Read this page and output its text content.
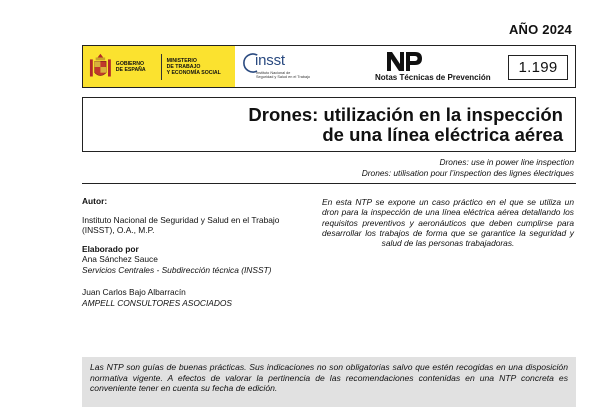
AÑO 2024
GOBIERNO
DE ESPAÑA
MINISTERIO
DE TRABAJO
Y ECONOMÍA SOCIAL
insst
Instituto Nacional de
Seguridad y Salud en el Trabajo	Notas Técnicas de Prevención
1.199
Drones: utilización en la inspección
de una línea eléctrica aérea
Drones: use in power line inspection
Drones: utilisation pour l’inspection des lignes électriques
Autor:
Instituto Nacional de Seguridad y Salud en el Trabajo
(INSST), O.A., M.P.
Elaborado por
Ana Sánchez Sauce
Servicios Centrales - Subdirección técnica (INSST)
Juan Carlos Bajo Albarracín
AMPELL CONSULTORES ASOCIADOS
En esta NTP se expone un caso práctico en el que se utiliza un dron para la inspección de una línea eléctrica aérea detallando los requisitos preventivos y aeronáuticos que deben cumplirse para desarrollar los trabajos de forma que se garantice la seguridad y salud de las personas trabajadoras.
Las NTP son guías de buenas prácticas. Sus indicaciones no son obligatorias salvo que estén recogidas en una disposición normativa vigente. A efectos de valorar la pertinencia de las recomendaciones contenidas en una NTP concreta es conveniente tener en cuenta su fecha de edición.
